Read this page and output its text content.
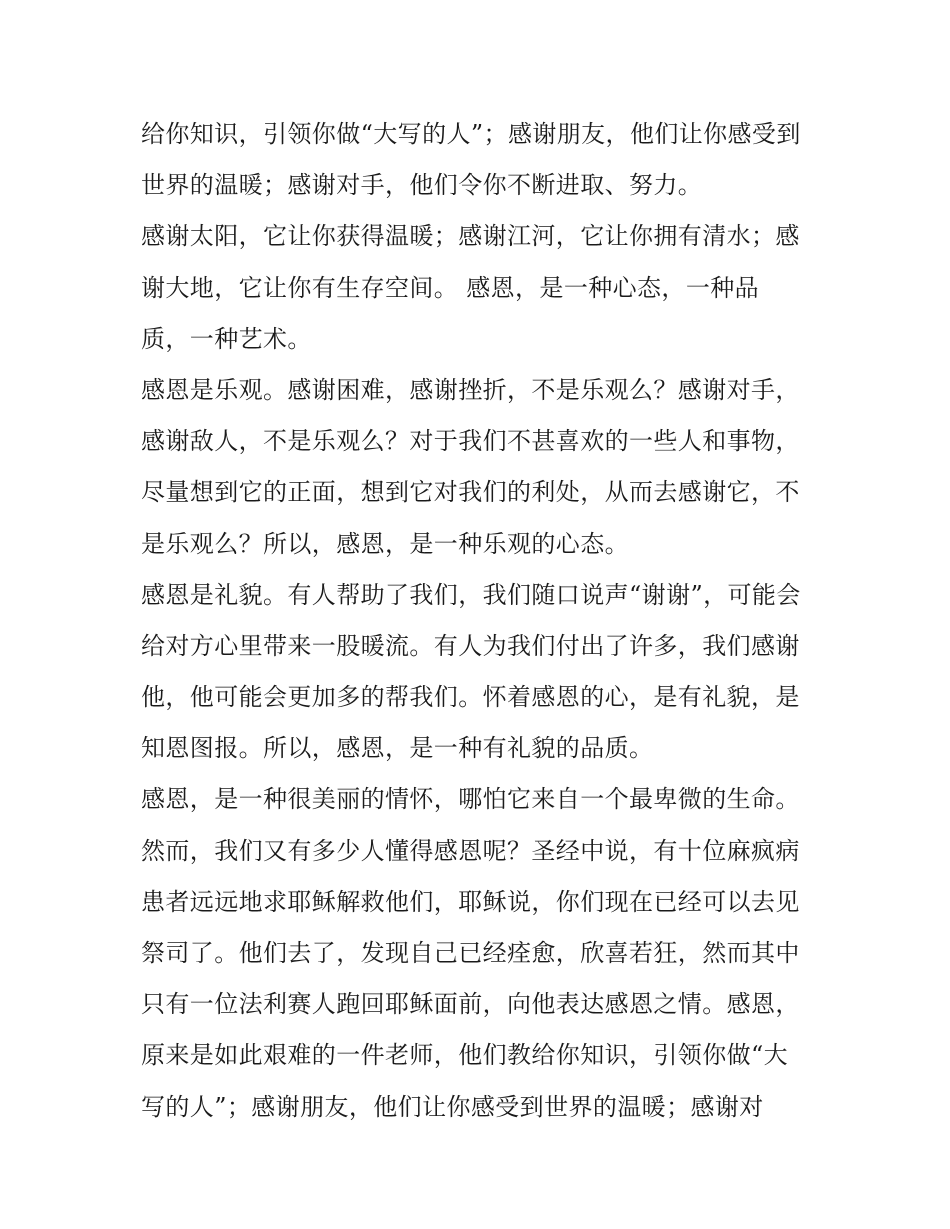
给你知识，引领你做“大写的人”；感谢朋友，他们让你感受到
世界的温暖；感谢对手，他们令你不断进取、努力。
感谢太阳，它让你获得温暖；感谢江河，它让你拥有清水；感
谢大地，它让你有生存空间。 感恩，是一种心态，一种品
质，一种艺术。
感恩是乐观。感谢困难，感谢挫折，不是乐观么？感谢对手，
感谢敌人，不是乐观么？对于我们不甚喜欢的一些人和事物，
尽量想到它的正面，想到它对我们的利处，从而去感谢它，不
是乐观么？所以，感恩，是一种乐观的心态。
感恩是礼貌。有人帮助了我们，我们随口说声“谢谢”，可能会
给对方心里带来一股暖流。有人为我们付出了许多，我们感谢
他，他可能会更加多的帮我们。怀着感恩的心，是有礼貌，是
知恩图报。所以，感恩，是一种有礼貌的品质。
感恩，是一种很美丽的情怀，哪怕它来自一个最卑微的生命。
然而，我们又有多少人懂得感恩呢？圣经中说，有十位麻疯病
患者远远地求耶稣解救他们，耶稣说，你们现在已经可以去见
祭司了。他们去了，发现自己已经痊愈，欣喜若狂，然而其中
只有一位法利赛人跑回耶稣面前，向他表达感恩之情。感恩，
原来是如此艰难的一件老师，他们教给你知识，引领你做“大
写的人”；感谢朋友，他们让你感受到世界的温暖；感谢对
